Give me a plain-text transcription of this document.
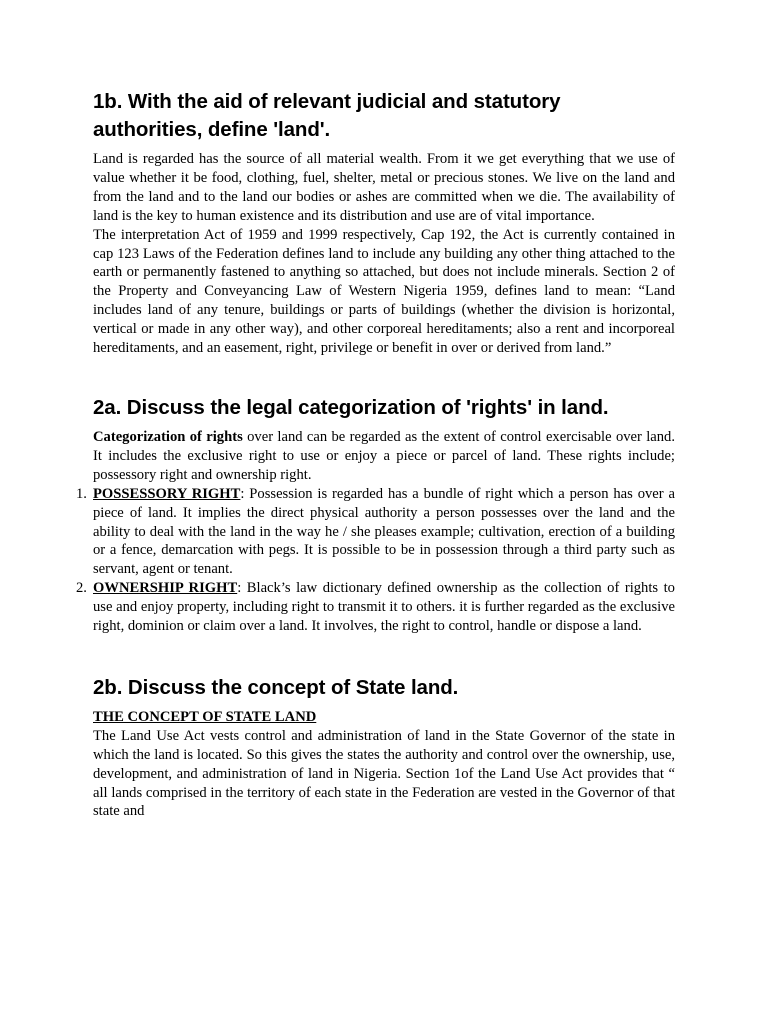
1b. With the aid of relevant judicial and statutory authorities, define 'land'.

Land is regarded has the source of all material wealth. From it we get everything that we use of value whether it be food, clothing, fuel, shelter, metal or precious stones. We live on the land and from the land and to the land our bodies or ashes are committed when we die. The availability of land is the key to human existence and its distribution and use are of vital importance.

The interpretation Act of 1959 and 1999 respectively, Cap 192, the Act is currently contained in cap 123 Laws of the Federation defines land to include any building any other thing attached to the earth or permanently fastened to anything so attached, but does not include minerals. Section 2 of the Property and Conveyancing Law of Western Nigeria 1959, defines land to mean: “Land includes land of any tenure, buildings or parts of buildings (whether the division is horizontal, vertical or made in any other way), and other corporeal hereditaments; also a rent and incorporeal hereditaments, and an easement, right, privilege or benefit in over or derived from land.”

2a. Discuss the legal categorization of 'rights' in land.

Categorization of rights over land can be regarded as the extent of control exercisable over land. It includes the exclusive right to use or enjoy a piece or parcel of land. These rights include; possessory right and ownership right.

1. POSSESSORY RIGHT: Possession is regarded has a bundle of right which a person has over a piece of land. It implies the direct physical authority a person possesses over the land and the ability to deal with the land in the way he / she pleases example; cultivation, erection of a building or a fence, demarcation with pegs. It is possible to be in possession through a third party such as servant, agent or tenant.
2. OWNERSHIP RIGHT: Black’s law dictionary defined ownership as the collection of rights to use and enjoy property, including right to transmit it to others. it is further regarded as the exclusive right, dominion or claim over a land. It involves, the right to control, handle or dispose a land.
2b. Discuss the concept of State land.

THE CONCEPT OF STATE LAND

The Land Use Act vests control and administration of land in the State Governor of the state in which the land is located. So this gives the states the authority and control over the ownership, use, development, and administration of land in Nigeria. Section 1of the Land Use Act provides that “ all lands comprised in the territory of each state in the Federation are vested in the Governor of that state and
